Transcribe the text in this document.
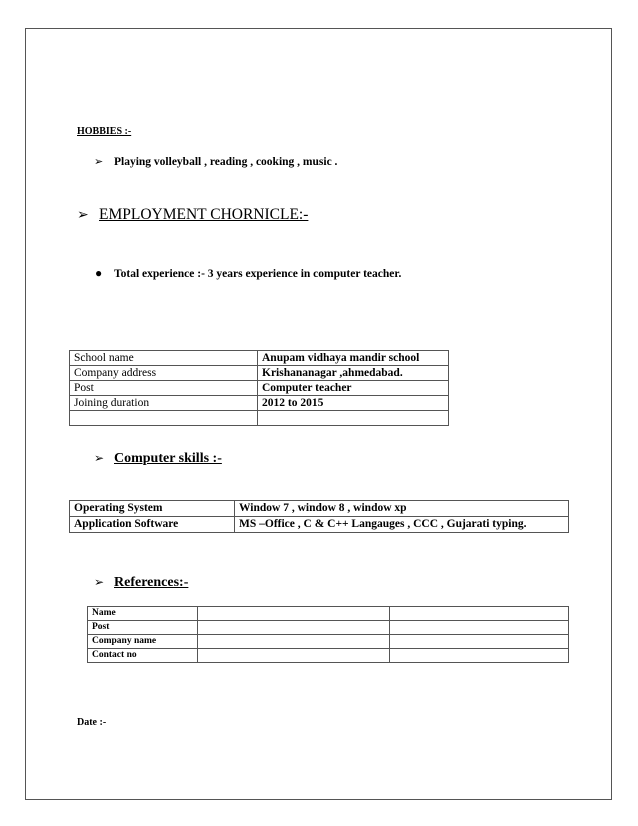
HOBBIES :-
➢ Playing volleyball , reading , cooking , music .
➢ EMPLOYMENT CHORNICLE:-
● Total experience :- 3 years experience in computer teacher.
School name	Anupam vidhaya mandir school
Company address	Krishananagar ,ahmedabad.
Post	Computer teacher
Joining duration	2012 to 2015

➢ Computer skills :-
Operating System	Window 7 , window 8 , window xp
Application Software	MS –Office , C & C++ Langauges , CCC , Gujarati typing.
➢ References:-
Name		
Post		
Company name		
Contact no		
Date :-
